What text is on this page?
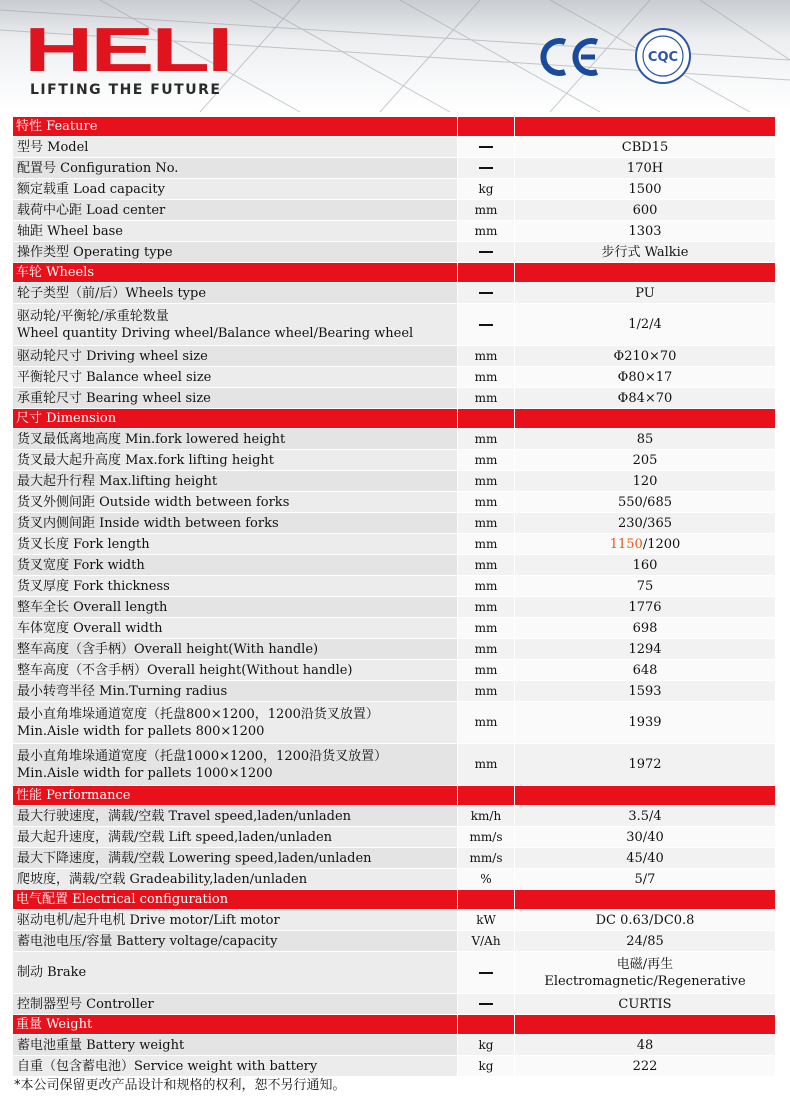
HELI
LIFTING THE FUTURE
CQC
特性 Feature		

型号 Model		CBD15

配置号 Configuration No.		170H

额定载重 Load capacity	kg	1500

载荷中心距 Load center	mm	600

轴距 Wheel base	mm	1303

操作类型 Operating type		步行式 Walkie
车轮 Wheels		

轮子类型（前/后）Wheels type		PU

驱动轮/平衡轮/承重轮数量
Wheel quantity Driving wheel/Balance wheel/Bearing wheel		1/2/4

驱动轮尺寸 Driving wheel size	mm	Φ210×70

平衡轮尺寸 Balance wheel size	mm	Φ80×17

承重轮尺寸 Bearing wheel size	mm	Φ84×70
尺寸 Dimension		

货叉最低离地高度 Min.fork lowered height	mm	85

货叉最大起升高度 Max.fork lifting height	mm	205

最大起升行程 Max.lifting height	mm	120

货叉外侧间距 Outside width between forks	mm	550/685

货叉内侧间距 Inside width between forks	mm	230/365

货叉长度 Fork length	mm	1150/1200

货叉宽度 Fork width	mm	160

货叉厚度 Fork thickness	mm	75

整车全长 Overall length	mm	1776

车体宽度 Overall width	mm	698

整车高度（含手柄）Overall height(With handle)	mm	1294

整车高度（不含手柄）Overall height(Without handle)	mm	648

最小转弯半径 Min.Turning radius	mm	1593

最小直角堆垛通道宽度（托盘800×1200，1200沿货叉放置）
Min.Aisle width for pallets 800×1200	mm	1939

最小直角堆垛通道宽度（托盘1000×1200，1200沿货叉放置）
Min.Aisle width for pallets 1000×1200	mm	1972
性能 Performance		

最大行驶速度，满载/空载 Travel speed,laden/unladen	km/h	3.5/4

最大起升速度，满载/空载 Lift speed,laden/unladen	mm/s	30/40

最大下降速度，满载/空载 Lowering speed,laden/unladen	mm/s	45/40

爬坡度，满载/空载 Gradeability,laden/unladen	%	5/7
电气配置 Electrical configuration		

驱动电机/起升电机 Drive motor/Lift motor	kW	DC 0.63/DC0.8

蓄电池电压/容量 Battery voltage/capacity	V/Ah	24/85

制动 Brake		电磁/再生
Electromagnetic/Regenerative

控制器型号 Controller		CURTIS
重量 Weight		

蓄电池重量 Battery weight	kg	48

自重（包含蓄电池）Service weight with battery	kg	222
*本公司保留更改产品设计和规格的权利，恕不另行通知。
